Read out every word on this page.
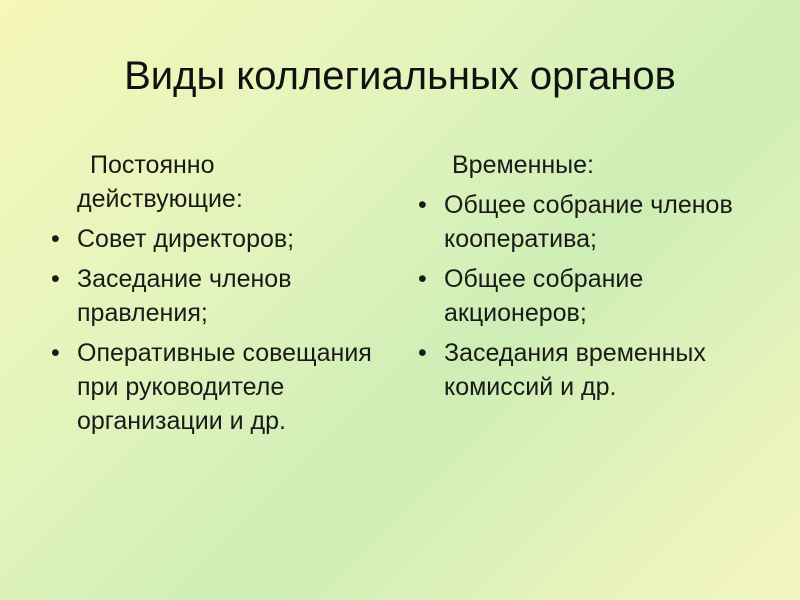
Виды коллегиальных органов
Постоянно действующие:
• Совет директоров;
• Заседание членов правления;
• Оперативные совещания при руководителе организации и др.
Временные:
• Общее собрание членов кооператива;
• Общее собрание акционеров;
• Заседания временных комиссий и др.
